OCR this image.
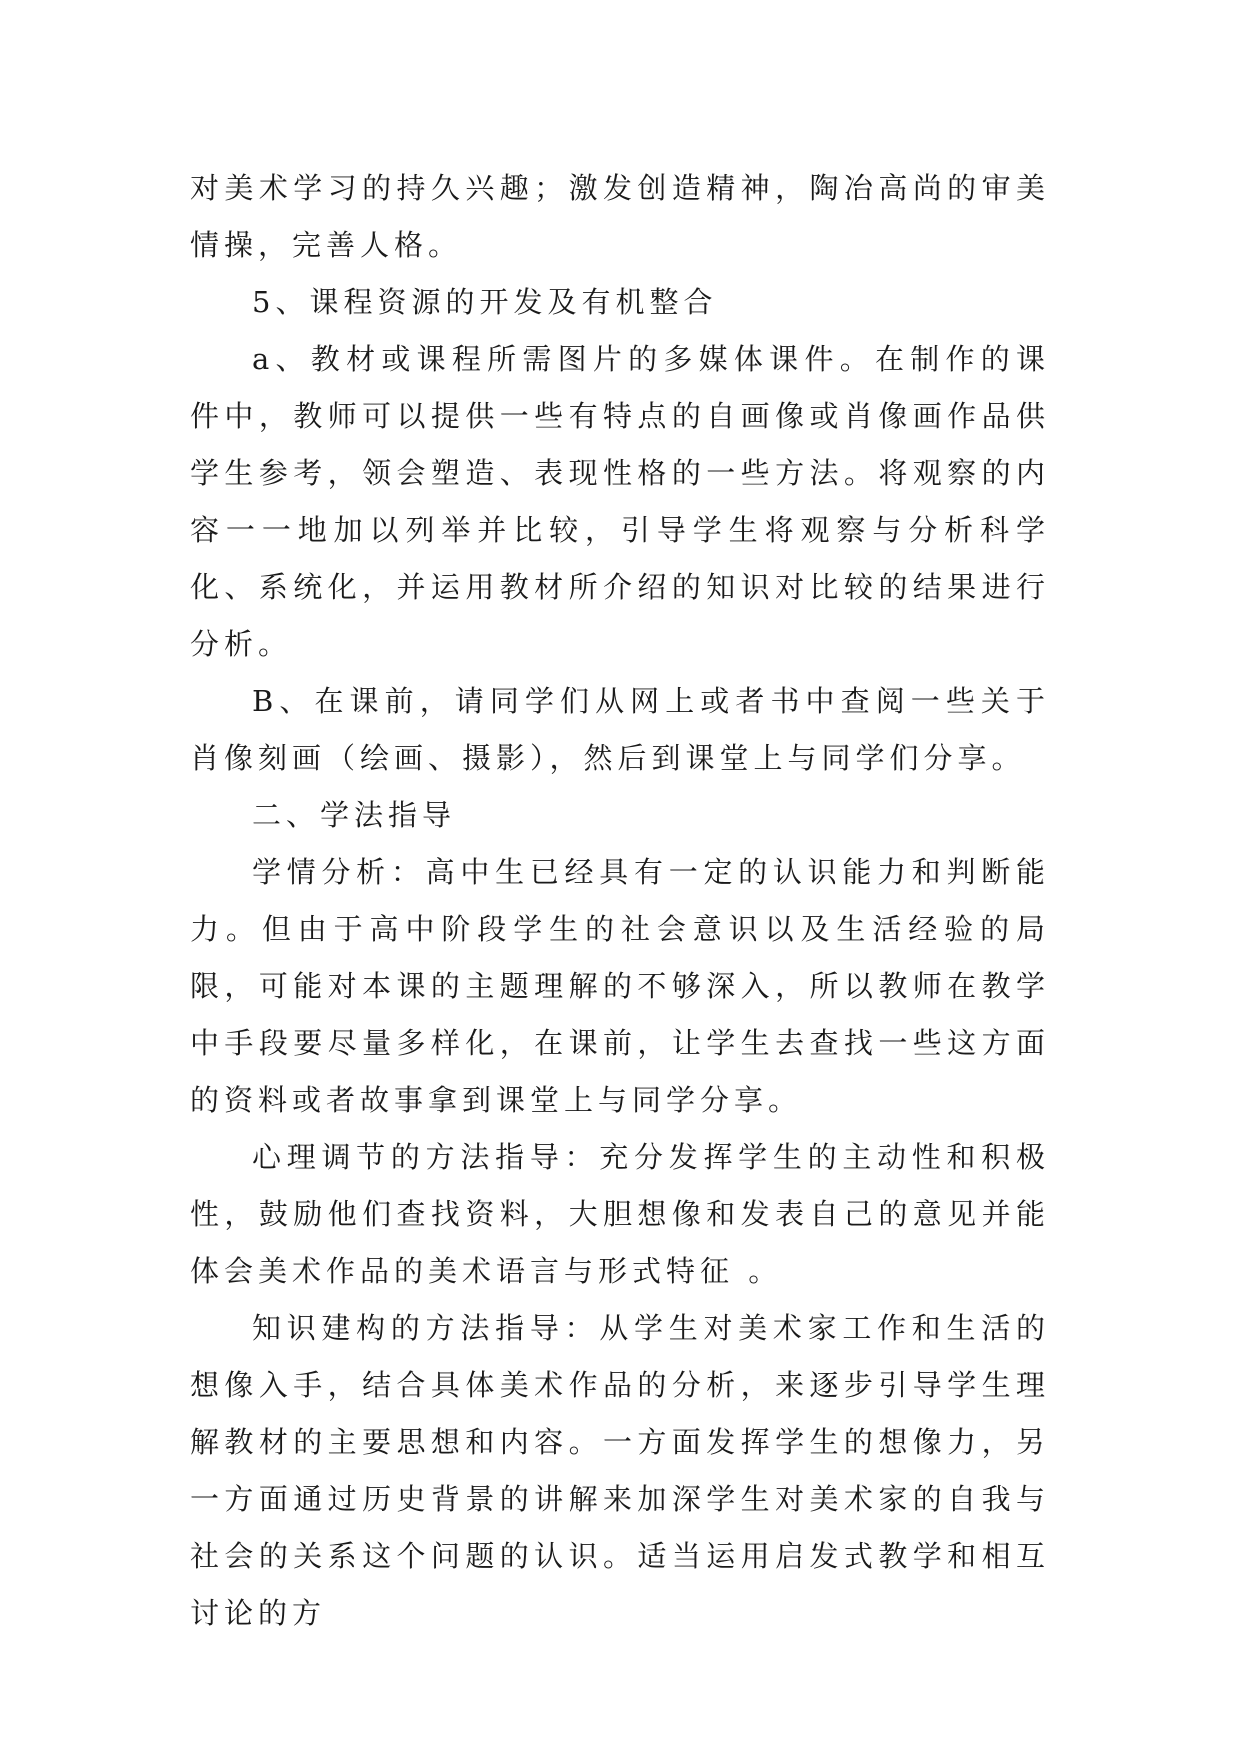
对美术学习的持久兴趣；激发创造精神，陶冶高尚的审美情操，完善人格。

5、课程资源的开发及有机整合

a、教材或课程所需图片的多媒体课件。在制作的课件中，教师可以提供一些有特点的自画像或肖像画作品供学生参考，领会塑造、表现性格的一些方法。将观察的内容一一地加以列举并比较，引导学生将观察与分析科学化、系统化，并运用教材所介绍的知识对比较的结果进行分析。

B、在课前，请同学们从网上或者书中查阅一些关于肖像刻画（绘画、摄影），然后到课堂上与同学们分享。

二、学法指导

学情分析：高中生已经具有一定的认识能力和判断能力。但由于高中阶段学生的社会意识以及生活经验的局限，可能对本课的主题理解的不够深入，所以教师在教学中手段要尽量多样化，在课前，让学生去查找一些这方面的资料或者故事拿到课堂上与同学分享。

心理调节的方法指导：充分发挥学生的主动性和积极性，鼓励他们查找资料，大胆想像和发表自己的意见并能体会美术作品的美术语言与形式特征 。

知识建构的方法指导：从学生对美术家工作和生活的想像入手，结合具体美术作品的分析，来逐步引导学生理解教材的主要思想和内容。一方面发挥学生的想像力，另一方面通过历史背景的讲解来加深学生对美术家的自我与社会的关系这个问题的认识。适当运用启发式教学和相互讨论的方
